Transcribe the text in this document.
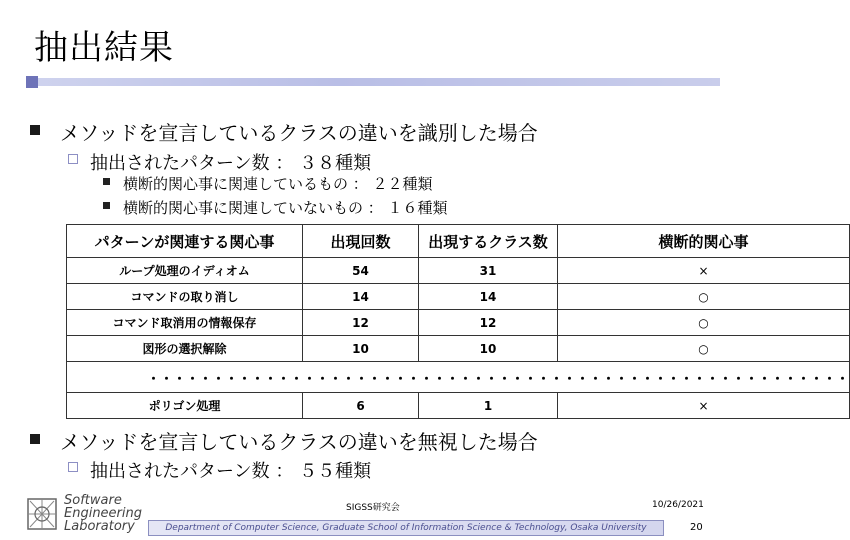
抽出結果
メソッドを宣言しているクラスの違いを識別した場合
抽出されたパターン数 ： ３８種類
横断的関心事に関連しているもの ： ２２種類
横断的関心事に関連していないもの ： １６種類
パターンが関連する関心事	出現回数	出現するクラス数	横断的関心事
ループ処理のイディオム	54	31	×
コマンドの取り消し	14	14	○
コマンド取消用の情報保存	12	12	○
図形の選択解除	10	10	○
・・・・・・・・・・・・・・・・・・・・・・・・・・・・・・・・・・・・・・・・・・・・・・・・・・・・・・			
ポリゴン処理	6	1	×
メソッドを宣言しているクラスの違いを無視した場合
抽出されたパターン数 ： ５５種類
Software
Engineering
Laboratory
SIGSS研究会	10/26/2021
Department of Computer Science, Graduate School of Information Science & Technology, Osaka University	20
